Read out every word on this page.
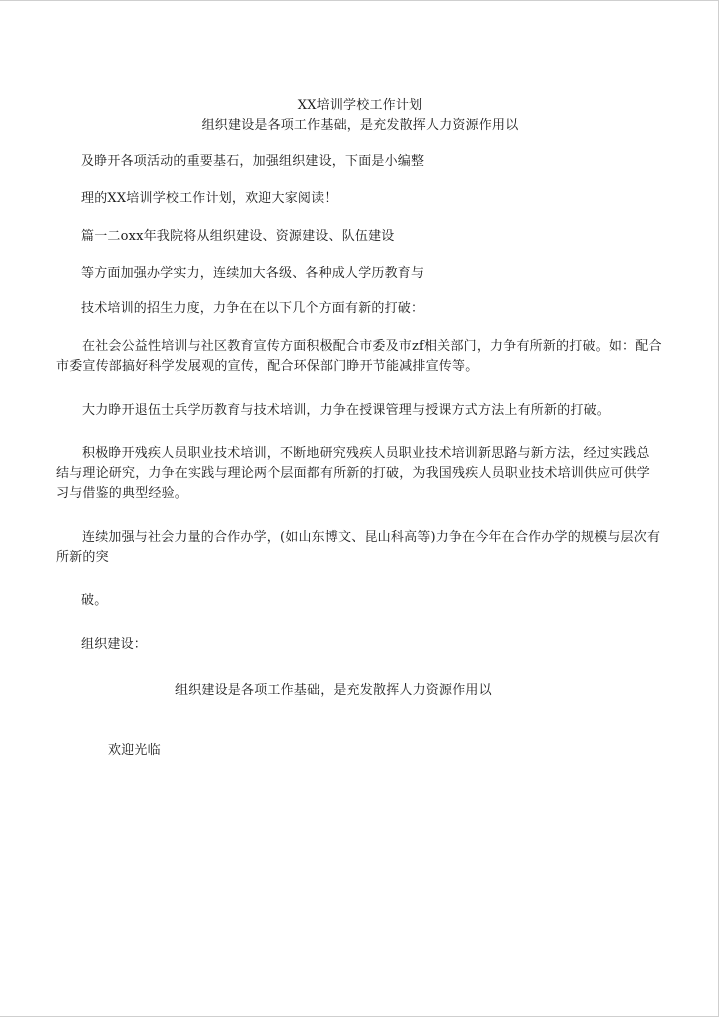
XX培训学校工作计划
组织建设是各项工作基础，是充发散挥人力资源作用以
及睁开各项活动的重要基石，加强组织建设，下面是小编整
理的XX培训学校工作计划，欢迎大家阅读！
篇一二oxx年我院将从组织建设、资源建设、队伍建设
等方面加强办学实力，连续加大各级、各种成人学历教育与
技术培训的招生力度，力争在在以下几个方面有新的打破：
在社会公益性培训与社区教育宣传方面积极配合市委及市zf相关部门，力争有所新的打破。如：配合市委宣传部搞好科学发展观的宣传，配合环保部门睁开节能减排宣传等。
大力睁开退伍士兵学历教育与技术培训，力争在授课管理与授课方式方法上有所新的打破。
积极睁开残疾人员职业技术培训，不断地研究残疾人员职业技术培训新思路与新方法，经过实践总结与理论研究，力争在实践与理论两个层面都有所新的打破，为我国残疾人员职业技术培训供应可供学习与借鉴的典型经验。
连续加强与社会力量的合作办学，(如山东博文、昆山科高等)力争在今年在合作办学的规模与层次有所新的突
破。
组织建设：
组织建设是各项工作基础，是充发散挥人力资源作用以
欢迎光临
